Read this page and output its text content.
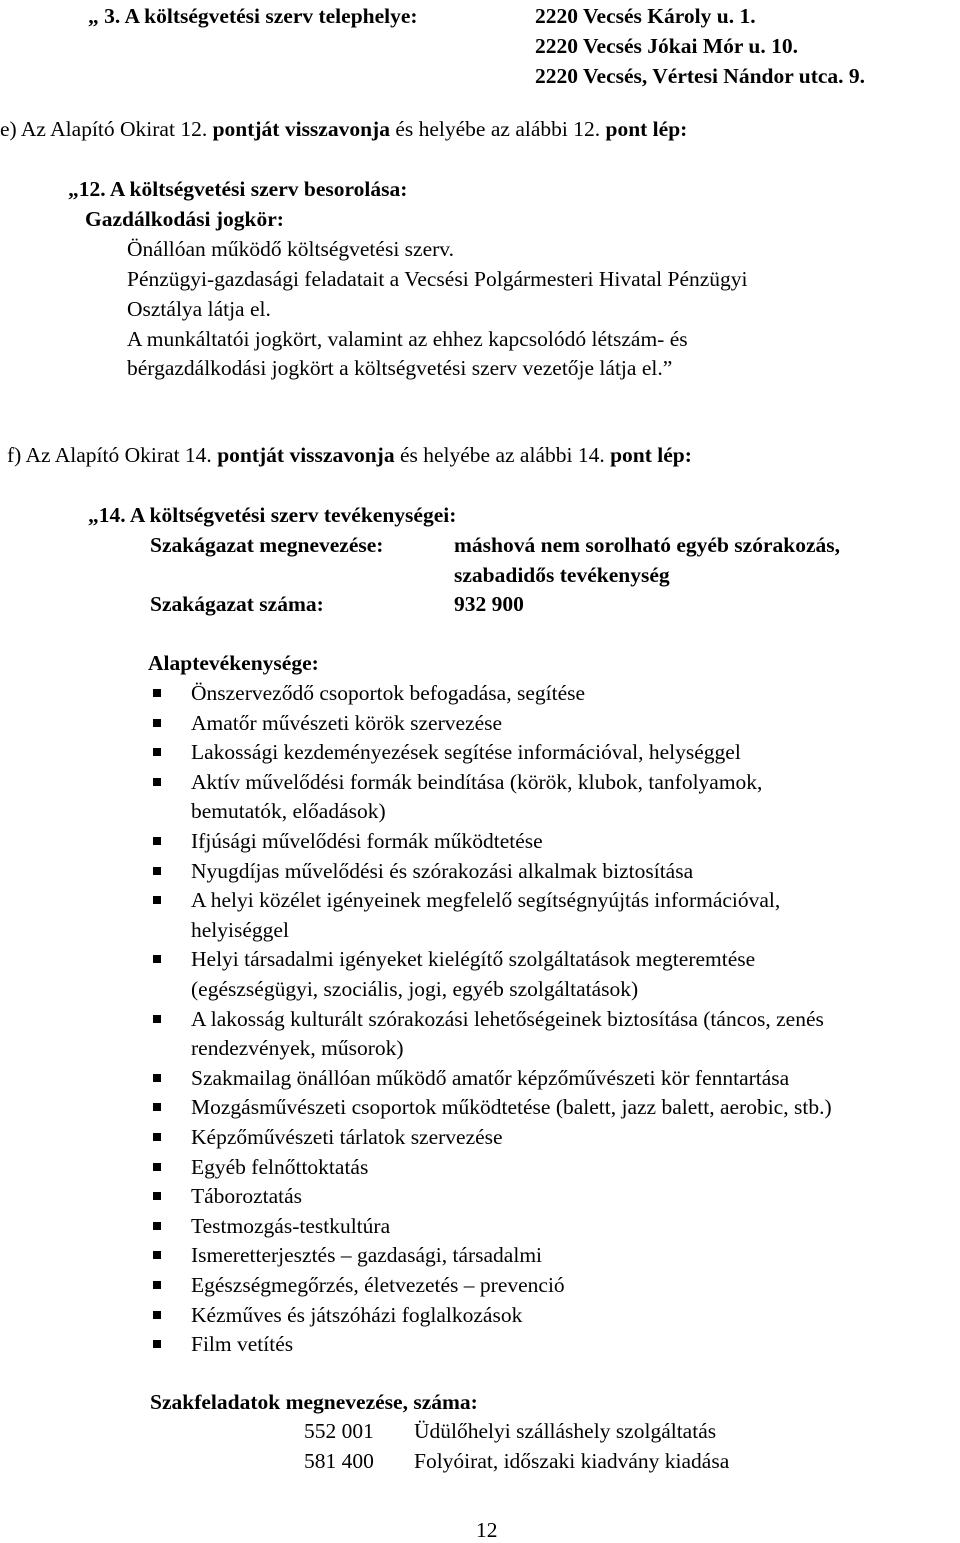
„ 3. A költségvetési szerv telephelye:	2220 Vecsés Károly u. 1.
2220 Vecsés Jókai Mór u. 10.
2220 Vecsés, Vértesi Nándor utca. 9.
e) Az Alapító Okirat 12. pontját visszavonja és helyébe az alábbi 12. pont lép:
„12. A költségvetési szerv besorolása:
Gazdálkodási jogkör:
Önállóan működő költségvetési szerv.
Pénzügyi-gazdasági feladatait a Vecsési Polgármesteri Hivatal Pénzügyi
Osztálya látja el.
A munkáltatói jogkört, valamint az ehhez kapcsolódó létszám- és
bérgazdálkodási jogkört a költségvetési szerv vezetője látja el.”
f) Az Alapító Okirat 14. pontját visszavonja és helyébe az alábbi 14. pont lép:
„14. A költségvetési szerv tevékenységei:
Szakágazat megnevezése:	máshová nem sorolható egyéb szórakozás,
szabadidős tevékenység
Szakágazat száma:	932 900
Alaptevékenysége:
Önszerveződő csoportok befogadása, segítése
Amatőr művészeti körök szervezése
Lakossági kezdeményezések segítése információval, helységgel
Aktív művelődési formák beindítása (körök, klubok, tanfolyamok,
bemutatók, előadások)
Ifjúsági művelődési formák működtetése
Nyugdíjas művelődési és szórakozási alkalmak biztosítása
A helyi közélet igényeinek megfelelő segítségnyújtás információval,
helyiséggel
Helyi társadalmi igényeket kielégítő szolgáltatások megteremtése
(egészségügyi, szociális, jogi, egyéb szolgáltatások)
A lakosság kulturált szórakozási lehetőségeinek biztosítása (táncos, zenés
rendezvények, műsorok)
Szakmailag önállóan működő amatőr képzőművészeti kör fenntartása
Mozgásművészeti csoportok működtetése (balett, jazz balett, aerobic, stb.)
Képzőművészeti tárlatok szervezése
Egyéb felnőttoktatás
Táboroztatás
Testmozgás-testkultúra
Ismeretterjesztés – gazdasági, társadalmi
Egészségmegőrzés, életvezetés – prevenció
Kézműves és játszóházi foglalkozások
Film vetítés
Szakfeladatok megnevezése, száma:
552 001 Üdülőhelyi szálláshely szolgáltatás
581 400 Folyóirat, időszaki kiadvány kiadása
12
